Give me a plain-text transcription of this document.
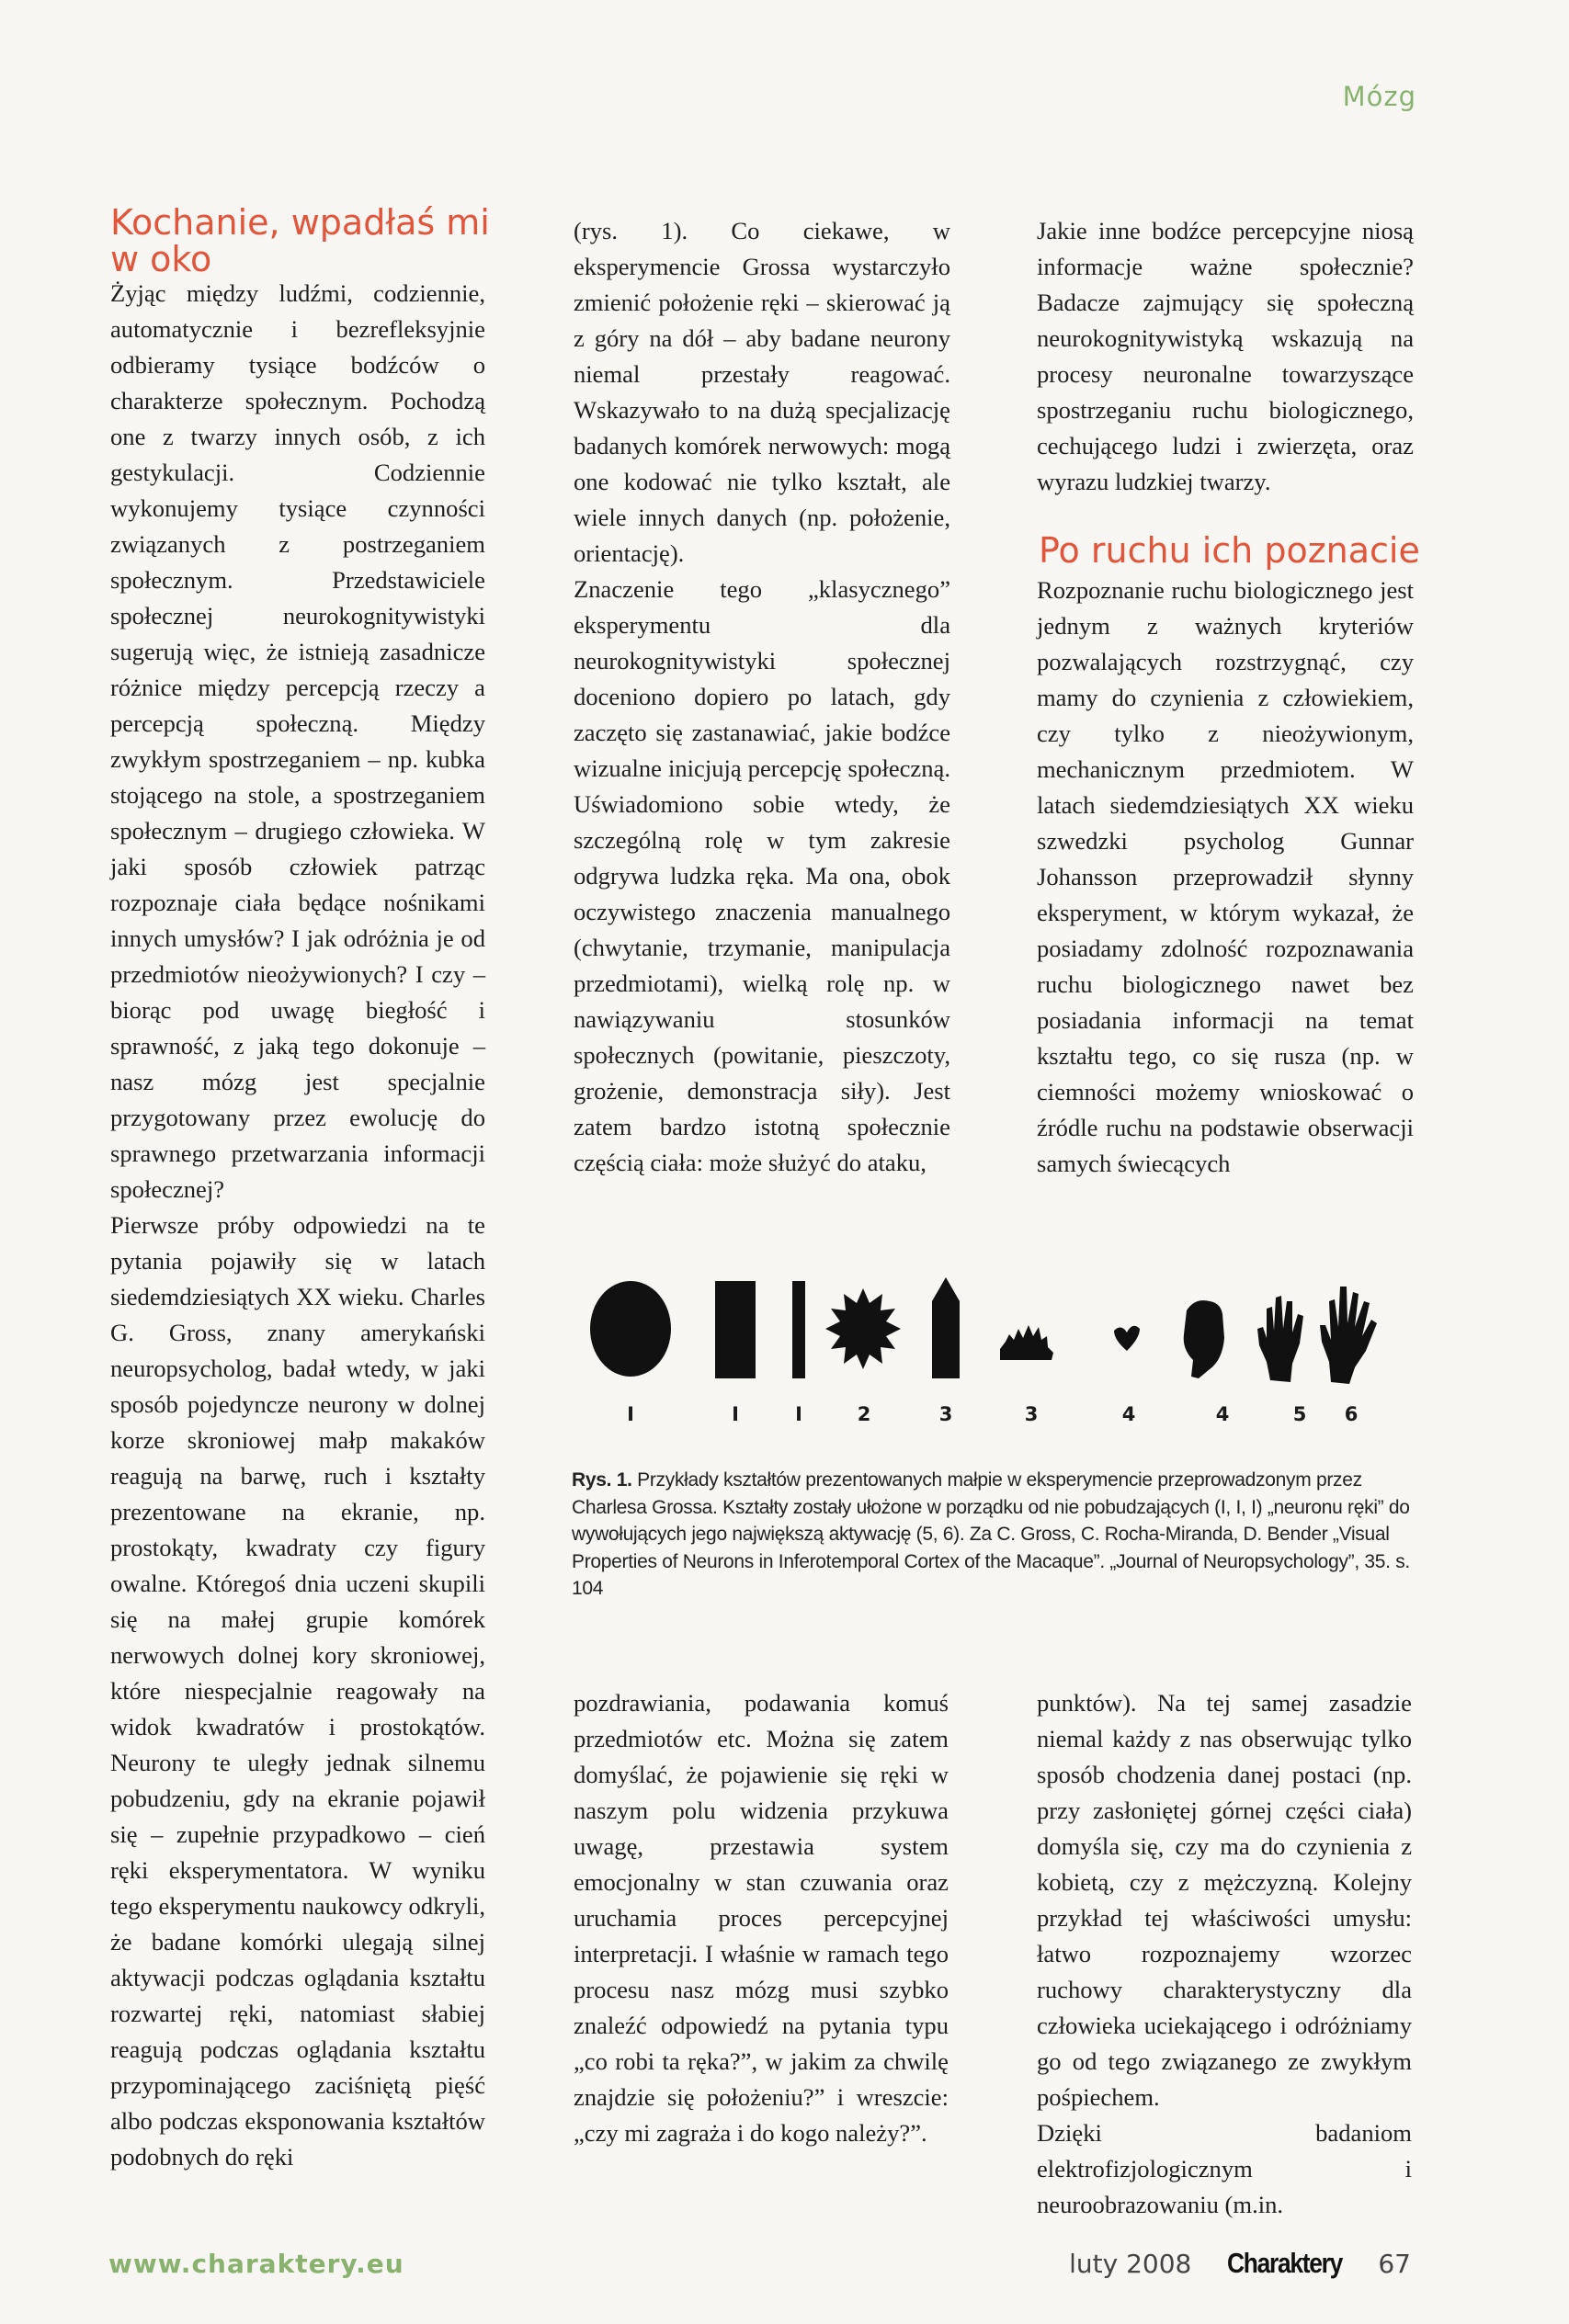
Mózg
Kochanie, wpadłaś mi w oko

Żyjąc między ludźmi, codziennie, automatycznie i bezrefleksyjnie odbieramy tysiące bodźców o charakterze społecznym. Pochodzą one z twarzy innych osób, z ich gestykulacji. Codziennie wykonujemy tysiące czynności związanych z postrzeganiem społecznym. Przedstawiciele społecznej neurokognitywistyki sugerują więc, że istnieją zasadnicze różnice między percepcją rzeczy a percepcją społeczną. Między zwykłym spostrzeganiem – np. kubka stojącego na stole, a spostrzeganiem społecznym – drugiego człowieka. W jaki sposób człowiek patrząc rozpoznaje ciała będące nośnikami innych umysłów? I jak odróżnia je od przedmiotów nieożywionych? I czy – biorąc pod uwagę biegłość i sprawność, z jaką tego dokonuje – nasz mózg jest specjalnie przygotowany przez ewolucję do sprawnego przetwarzania informacji społecznej?

Pierwsze próby odpowiedzi na te pytania pojawiły się w latach siedemdziesiątych XX wieku. Charles G. Gross, znany amerykański neuropsycholog, badał wtedy, w jaki sposób pojedyncze neurony w dolnej korze skroniowej małp makaków reagują na barwę, ruch i kształty prezentowane na ekranie, np. prostokąty, kwadraty czy figury owalne. Któregoś dnia uczeni skupili się na małej grupie komórek nerwowych dolnej kory skroniowej, które niespecjalnie reagowały na widok kwadratów i prostokątów. Neurony te uległy jednak silnemu pobudzeniu, gdy na ekranie pojawił się – zupełnie przypadkowo – cień ręki eksperymentatora. W wyniku tego eksperymentu naukowcy odkryli, że badane komórki ulegają silnej aktywacji podczas oglądania kształtu rozwartej ręki, natomiast słabiej reagują podczas oglądania kształtu przypominającego zaciśniętą pięść albo podczas eksponowania kształtów podobnych do ręki

(rys. 1). Co ciekawe, w eksperymencie Grossa wystarczyło zmienić położenie ręki – skierować ją z góry na dół – aby badane neurony niemal przestały reagować. Wskazywało to na dużą specjalizację badanych komórek nerwowych: mogą one kodować nie tylko kształt, ale wiele innych danych (np. położenie, orientację).

Znaczenie tego „klasycznego” eksperymentu dla neurokognitywistyki społecznej doceniono dopiero po latach, gdy zaczęto się zastanawiać, jakie bodźce wizualne inicjują percepcję społeczną. Uświadomiono sobie wtedy, że szczególną rolę w tym zakresie odgrywa ludzka ręka. Ma ona, obok oczywistego znaczenia manualnego (chwytanie, trzymanie, manipulacja przedmiotami), wielką rolę np. w nawiązywaniu stosunków społecznych (powitanie, pieszczoty, grożenie, demonstracja siły). Jest zatem bardzo istotną społecznie częścią ciała: może służyć do ataku,

Jakie inne bodźce percepcyjne niosą informacje ważne społecznie? Badacze zajmujący się społeczną neurokognitywistyką wskazują na procesy neuronalne towarzyszące spostrzeganiu ruchu biologicznego, cechującego ludzi i zwierzęta, oraz wyrazu ludzkiej twarzy.

Po ruchu ich poznacie

Rozpoznanie ruchu biologicznego jest jednym z ważnych kryteriów pozwalających rozstrzygnąć, czy mamy do czynienia z człowiekiem, czy tylko z nieożywionym, mechanicznym przedmiotem. W latach siedemdziesiątych XX wieku szwedzki psycholog Gunnar Johansson przeprowadził słynny eksperyment, w którym wykazał, że posiadamy zdolność rozpoznawania ruchu biologicznego nawet bez posiadania informacji na temat kształtu tego, co się rusza (np. w ciemności możemy wnioskować o źródle ruchu na podstawie obserwacji samych świecących

I	I	I	2	3	3	4	4	5	6
Rys. 1. Przykłady kształtów prezentowanych małpie w eksperymencie przeprowadzonym przez Charlesa Grossa. Kształty zostały ułożone w porządku od nie pobudzających (I, I, I) „neuronu ręki” do wywołujących jego największą aktywację (5, 6). Za C. Gross, C. Rocha-Miranda, D. Bender „Visual Properties of Neurons in Inferotemporal Cortex of the Macaque”. „Journal of Neuropsychology”, 35. s. 104

pozdrawiania, podawania komuś przedmiotów etc. Można się zatem domyślać, że pojawienie się ręki w naszym polu widzenia przykuwa uwagę, przestawia system emocjonalny w stan czuwania oraz uruchamia proces percepcyjnej interpretacji. I właśnie w ramach tego procesu nasz mózg musi szybko znaleźć odpowiedź na pytania typu „co robi ta ręka?”, w jakim za chwilę znajdzie się położeniu?” i wreszcie: „czy mi zagraża i do kogo należy?”.

punktów). Na tej samej zasadzie niemal każdy z nas obserwując tylko sposób chodzenia danej postaci (np. przy zasłoniętej górnej części ciała) domyśla się, czy ma do czynienia z kobietą, czy z mężczyzną. Kolejny przykład tej właściwości umysłu: łatwo rozpoznajemy wzorzec ruchowy charakterystyczny dla człowieka uciekającego i odróżniamy go od tego związanego ze zwykłym pośpiechem.

Dzięki badaniom elektrofizjologicznym i neuroobrazowaniu (m.in.

www.charaktery.eu	luty 2008 Charaktery 67
